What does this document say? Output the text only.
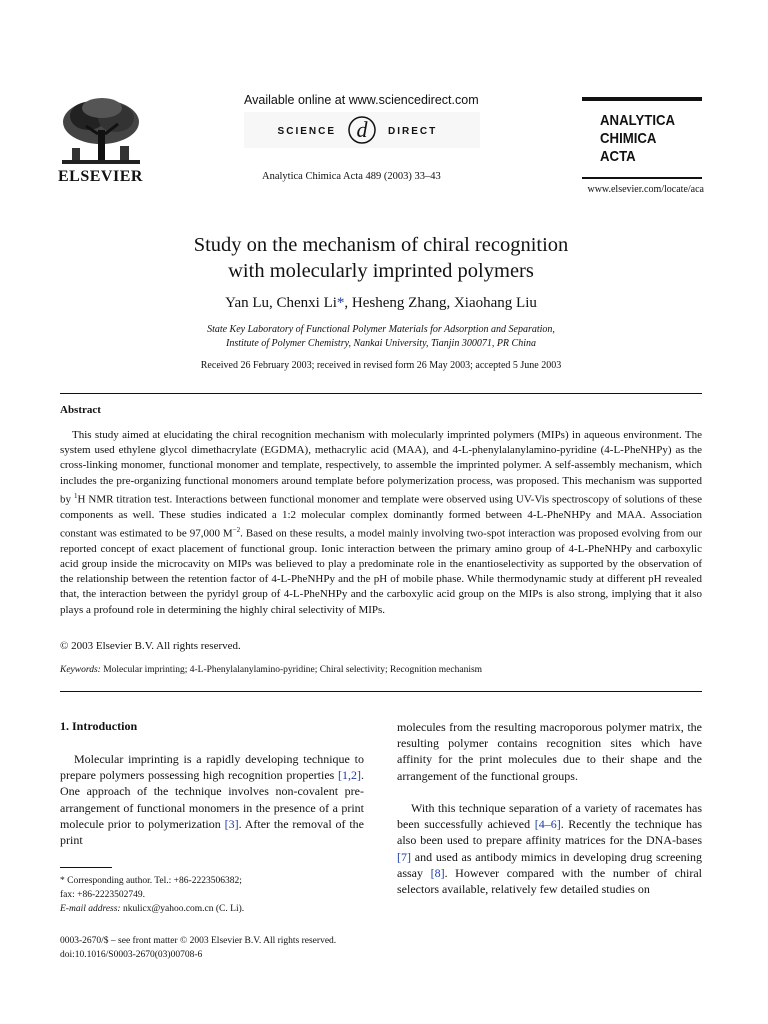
ELSEVIER
Available online at www.sciencedirect.com
SCIENCE d DIRECT
Analytica Chimica Acta 489 (2003) 33–43
ANALYTICA
CHIMICA
ACTA
www.elsevier.com/locate/aca
Study on the mechanism of chiral recognition
with molecularly imprinted polymers
Yan Lu, Chenxi Li*, Hesheng Zhang, Xiaohang Liu
State Key Laboratory of Functional Polymer Materials for Adsorption and Separation,
Institute of Polymer Chemistry, Nankai University, Tianjin 300071, PR China
Received 26 February 2003; received in revised form 26 May 2003; accepted 5 June 2003
Abstract

This study aimed at elucidating the chiral recognition mechanism with molecularly imprinted polymers (MIPs) in aqueous environment. The system used ethylene glycol dimethacrylate (EGDMA), methacrylic acid (MAA), and 4-L-phenylalanylamino-pyridine (4-L-PheNHPy) as the cross-linking monomer, functional monomer and template, respectively, to assemble the imprinted polymer. A self-assembly mechanism, which includes the pre-organizing functional monomers around template before polymerization process, was proposed. This mechanism was supported by $^1$H NMR titration test. Interactions between functional monomer and template were observed using UV-Vis spectroscopy of solutions of these components as well. These studies indicated a 1:2 molecular complex dominantly formed between 4-L-PheNHPy and MAA. Association constant was estimated to be 97,000 $M^{-2}$. Based on these results, a model mainly involving two-spot interaction was proposed evolving from our reported concept of exact placement of functional group. Ionic interaction between the primary amino group of 4-L-PheNHPy and carboxylic acid group inside the microcavity on MIPs was believed to play a predominate role in the enantioselectivity as supported by the observation of the relationship between the retention factor of 4-L-PheNHPy and the pH of mobile phase. While thermodynamic study at different pH revealed that, the interaction between the pyridyl group of 4-L-PheNHPy and the carboxylic acid group on the MIPs is also strong, implying that it also plays a profound role in determining the highly chiral selectivity of MIPs.

© 2003 Elsevier B.V. All rights reserved.
Keywords: Molecular imprinting; 4-L-Phenylalanylamino-pyridine; Chiral selectivity; Recognition mechanism
1. Introduction
Molecular imprinting is a rapidly developing technique to prepare polymers possessing high recognition properties [1,2]. One approach of the technique involves non-covalent pre-arrangement of functional monomers in the presence of a print molecule prior to polymerization [3]. After the removal of the print
molecules from the resulting macroporous polymer matrix, the resulting polymer contains recognition sites which have affinity for the print molecules due to their shape and the arrangement of the functional groups.
With this technique separation of a variety of racemates has been successfully achieved [4–6]. Recently the technique has also been used to prepare affinity matrices for the DNA-bases [7] and used as antibody mimics in developing drug screening assay [8]. However compared with the number of chiral selectors available, relatively few detailed studies on
* Corresponding author. Tel.: +86-2223506382;
fax: +86-2223502749.
E-mail address: nkulicx@yahoo.com.cn (C. Li).
0003-2670/$ – see front matter © 2003 Elsevier B.V. All rights reserved.
doi:10.1016/S0003-2670(03)00708-6
